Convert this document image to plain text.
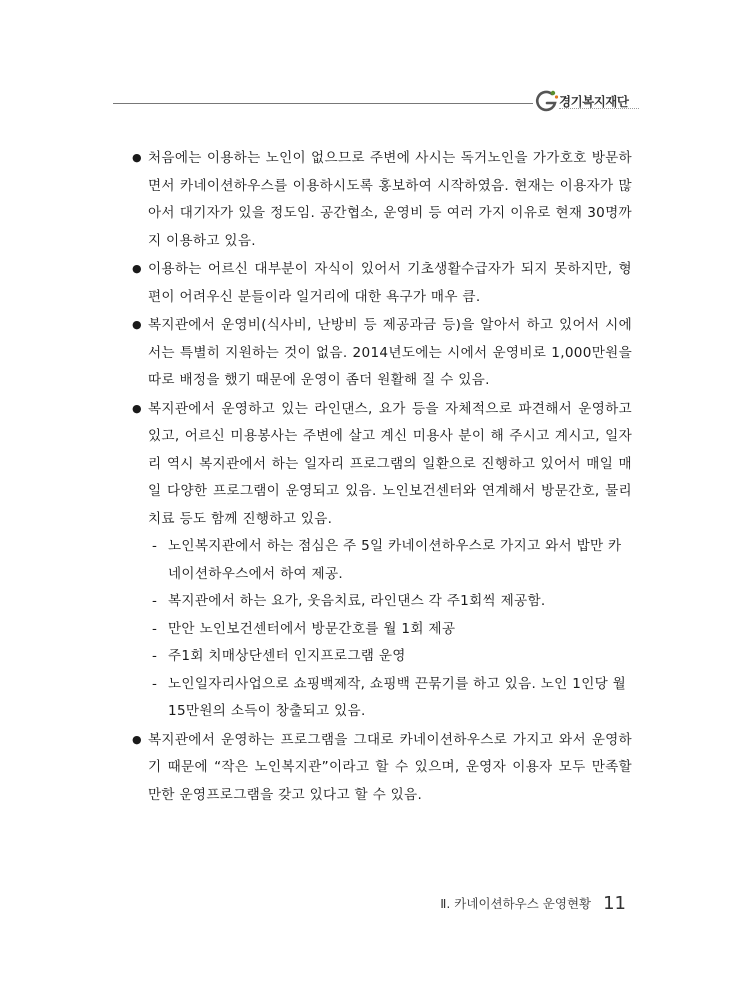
경기복지재단

● 처음에는 이용하는 노인이 없으므로 주변에 사시는 독거노인을 가가호호 방문하면서 카네이션하우스를 이용하시도록 홍보하여 시작하였음. 현재는 이용자가 많아서 대기자가 있을 정도임. 공간협소, 운영비 등 여러 가지 이유로 현재 30명까지 이용하고 있음.

● 이용하는 어르신 대부분이 자식이 있어서 기초생활수급자가 되지 못하지만, 형편이 어려우신 분들이라 일거리에 대한 욕구가 매우 큼.

● 복지관에서 운영비(식사비, 난방비 등 제공과금 등)을 알아서 하고 있어서 시에서는 특별히 지원하는 것이 없음. 2014년도에는 시에서 운영비로 1,000만원을 따로 배정을 했기 때문에 운영이 좀더 원활해 질 수 있음.

● 복지관에서 운영하고 있는 라인댄스, 요가 등을 자체적으로 파견해서 운영하고 있고, 어르신 미용봉사는 주변에 살고 계신 미용사 분이 해 주시고 계시고, 일자리 역시 복지관에서 하는 일자리 프로그램의 일환으로 진행하고 있어서 매일 매일 다양한 프로그램이 운영되고 있음. 노인보건센터와 연계해서 방문간호, 물리치료 등도 함께 진행하고 있음.

- 노인복지관에서 하는 점심은 주 5일 카네이션하우스로 가지고 와서 밥만 카네이션하우스에서 하여 제공.

- 복지관에서 하는 요가, 웃음치료, 라인댄스 각 주1회씩 제공함.

- 만안 노인보건센터에서 방문간호를 월 1회 제공

- 주1회 치매상단센터 인지프로그램 운영

- 노인일자리사업으로 쇼핑백제작, 쇼핑백 끈묶기를 하고 있음. 노인 1인당 월 15만원의 소득이 창출되고 있음.

● 복지관에서 운영하는 프로그램을 그대로 카네이션하우스로 가지고 와서 운영하기 때문에 “작은 노인복지관”이라고 할 수 있으며, 운영자 이용자 모두 만족할 만한 운영프로그램을 갖고 있다고 할 수 있음.

Ⅱ. 카네이션하우스 운영현황 11
